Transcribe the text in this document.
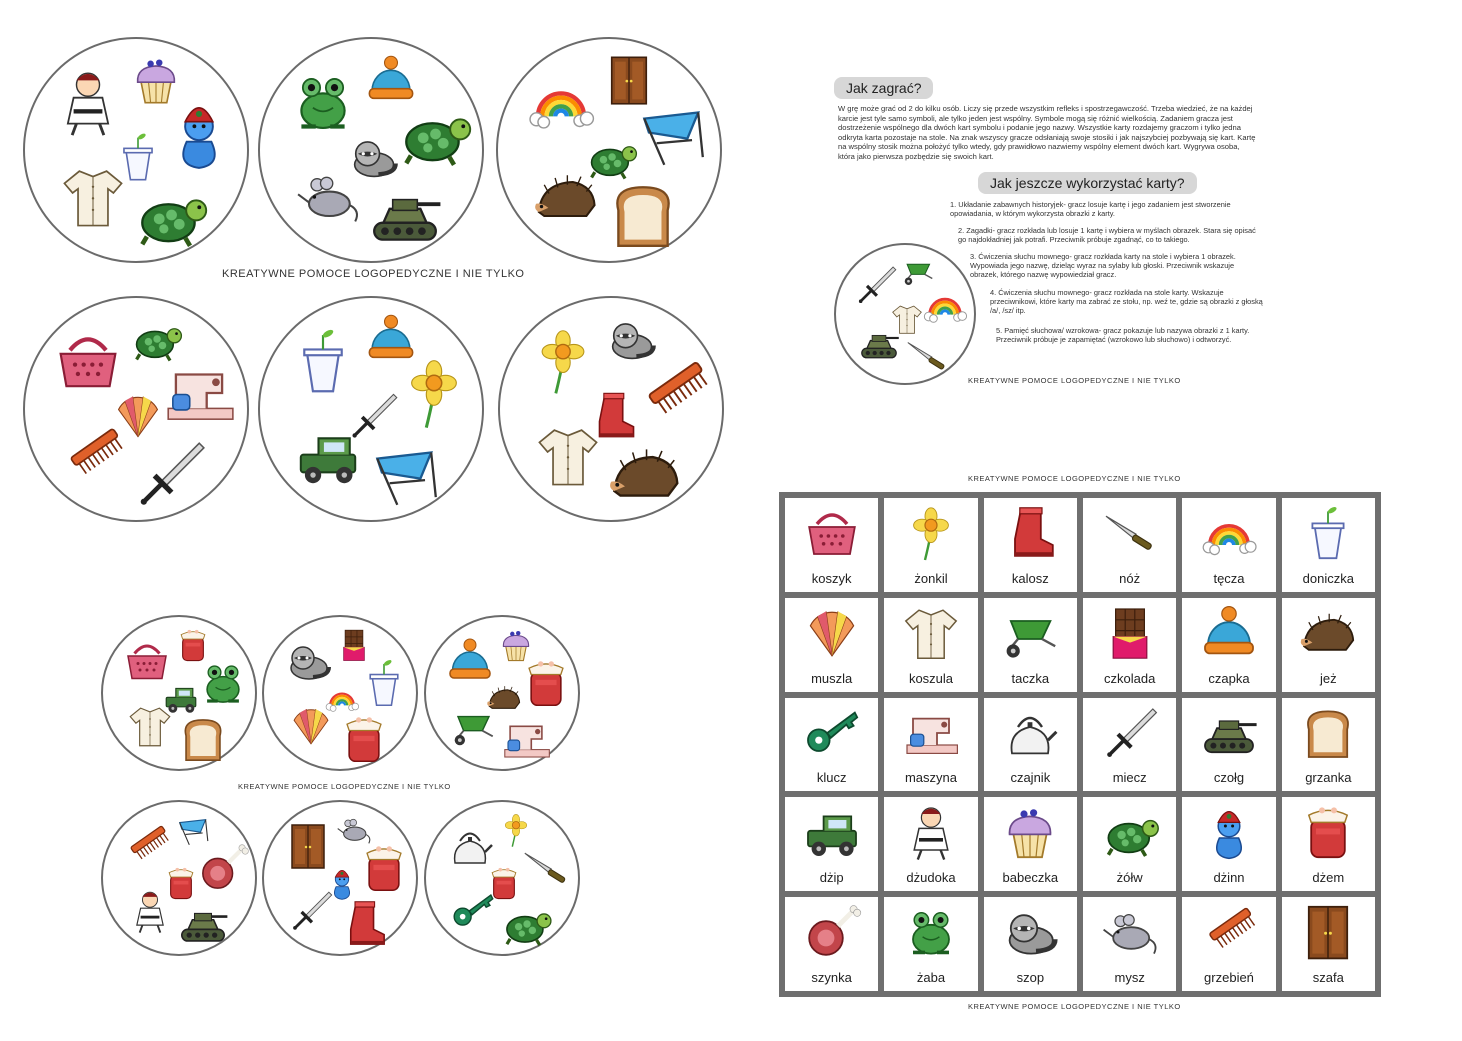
KREATYWNE POMOCE LOGOPEDYCZNE I NIE TYLKO
KREATYWNE POMOCE LOGOPEDYCZNE I NIE TYLKO
Jak zagrać?
W grę może grać od 2 do kilku osób. Liczy się przede wszystkim refleks i spostrzegawczość. Trzeba wiedzieć, że na każdej karcie jest tyle samo symboli, ale tylko jeden jest wspólny. Symbole mogą się różnić wielkością. Zadaniem gracza jest dostrzeżenie wspólnego dla dwóch kart symbolu i podanie jego nazwy. Wszystkie karty rozdajemy graczom i tylko jedna odkryta karta pozostaje na stole. Na znak wszyscy gracze odsłaniają swoje stosiki i jak najszybciej pozbywają się kart. Kartę na wspólny stosik można położyć tylko wtedy, gdy prawidłowo nazwiemy wspólny element dwóch kart. Wygrywa osoba, która jako pierwsza pozbędzie się swoich kart.
Jak jeszcze wykorzystać karty?
1. Układanie zabawnych historyjek- gracz losuje kartę i jego zadaniem jest stworzenie opowiadania, w którym wykorzysta obrazki z karty.
2. Zagadki- gracz rozkłada lub losuje 1 kartę i wybiera w myślach obrazek. Stara się opisać go najdokładniej jak potrafi. Przeciwnik próbuje zgadnąć, co to takiego.
3. Ćwiczenia słuchu mownego- gracz rozkłada karty na stole i wybiera 1 obrazek. Wypowiada jego nazwę, dzieląc wyraz na sylaby lub głoski. Przeciwnik wskazuje obrazek, którego nazwę wypowiedział gracz.
4. Ćwiczenia słuchu mownego- gracz rozkłada na stole karty. Wskazuje przeciwnikowi, które karty ma zabrać ze stołu, np. weź te, gdzie są obrazki z głoską /a/, /sz/ itp.
5. Pamięć słuchowa/ wzrokowa- gracz pokazuje lub nazywa obrazki z 1 karty. Przeciwnik próbuje je zapamiętać (wzrokowo lub słuchowo) i odtworzyć.
KREATYWNE POMOCE LOGOPEDYCZNE I NIE TYLKO
KREATYWNE POMOCE LOGOPEDYCZNE I NIE TYLKO
koszyk	żonkil	kalosz	nóż	tęcza	doniczka
muszla	koszula	taczka	czkolada	czapka	jeż
klucz	maszyna	czajnik	miecz	czołg	grzanka
dżip	dżudoka	babeczka	żółw	dżinn	dżem
szynka	żaba	szop	mysz	grzebień	szafa
KREATYWNE POMOCE LOGOPEDYCZNE I NIE TYLKO
